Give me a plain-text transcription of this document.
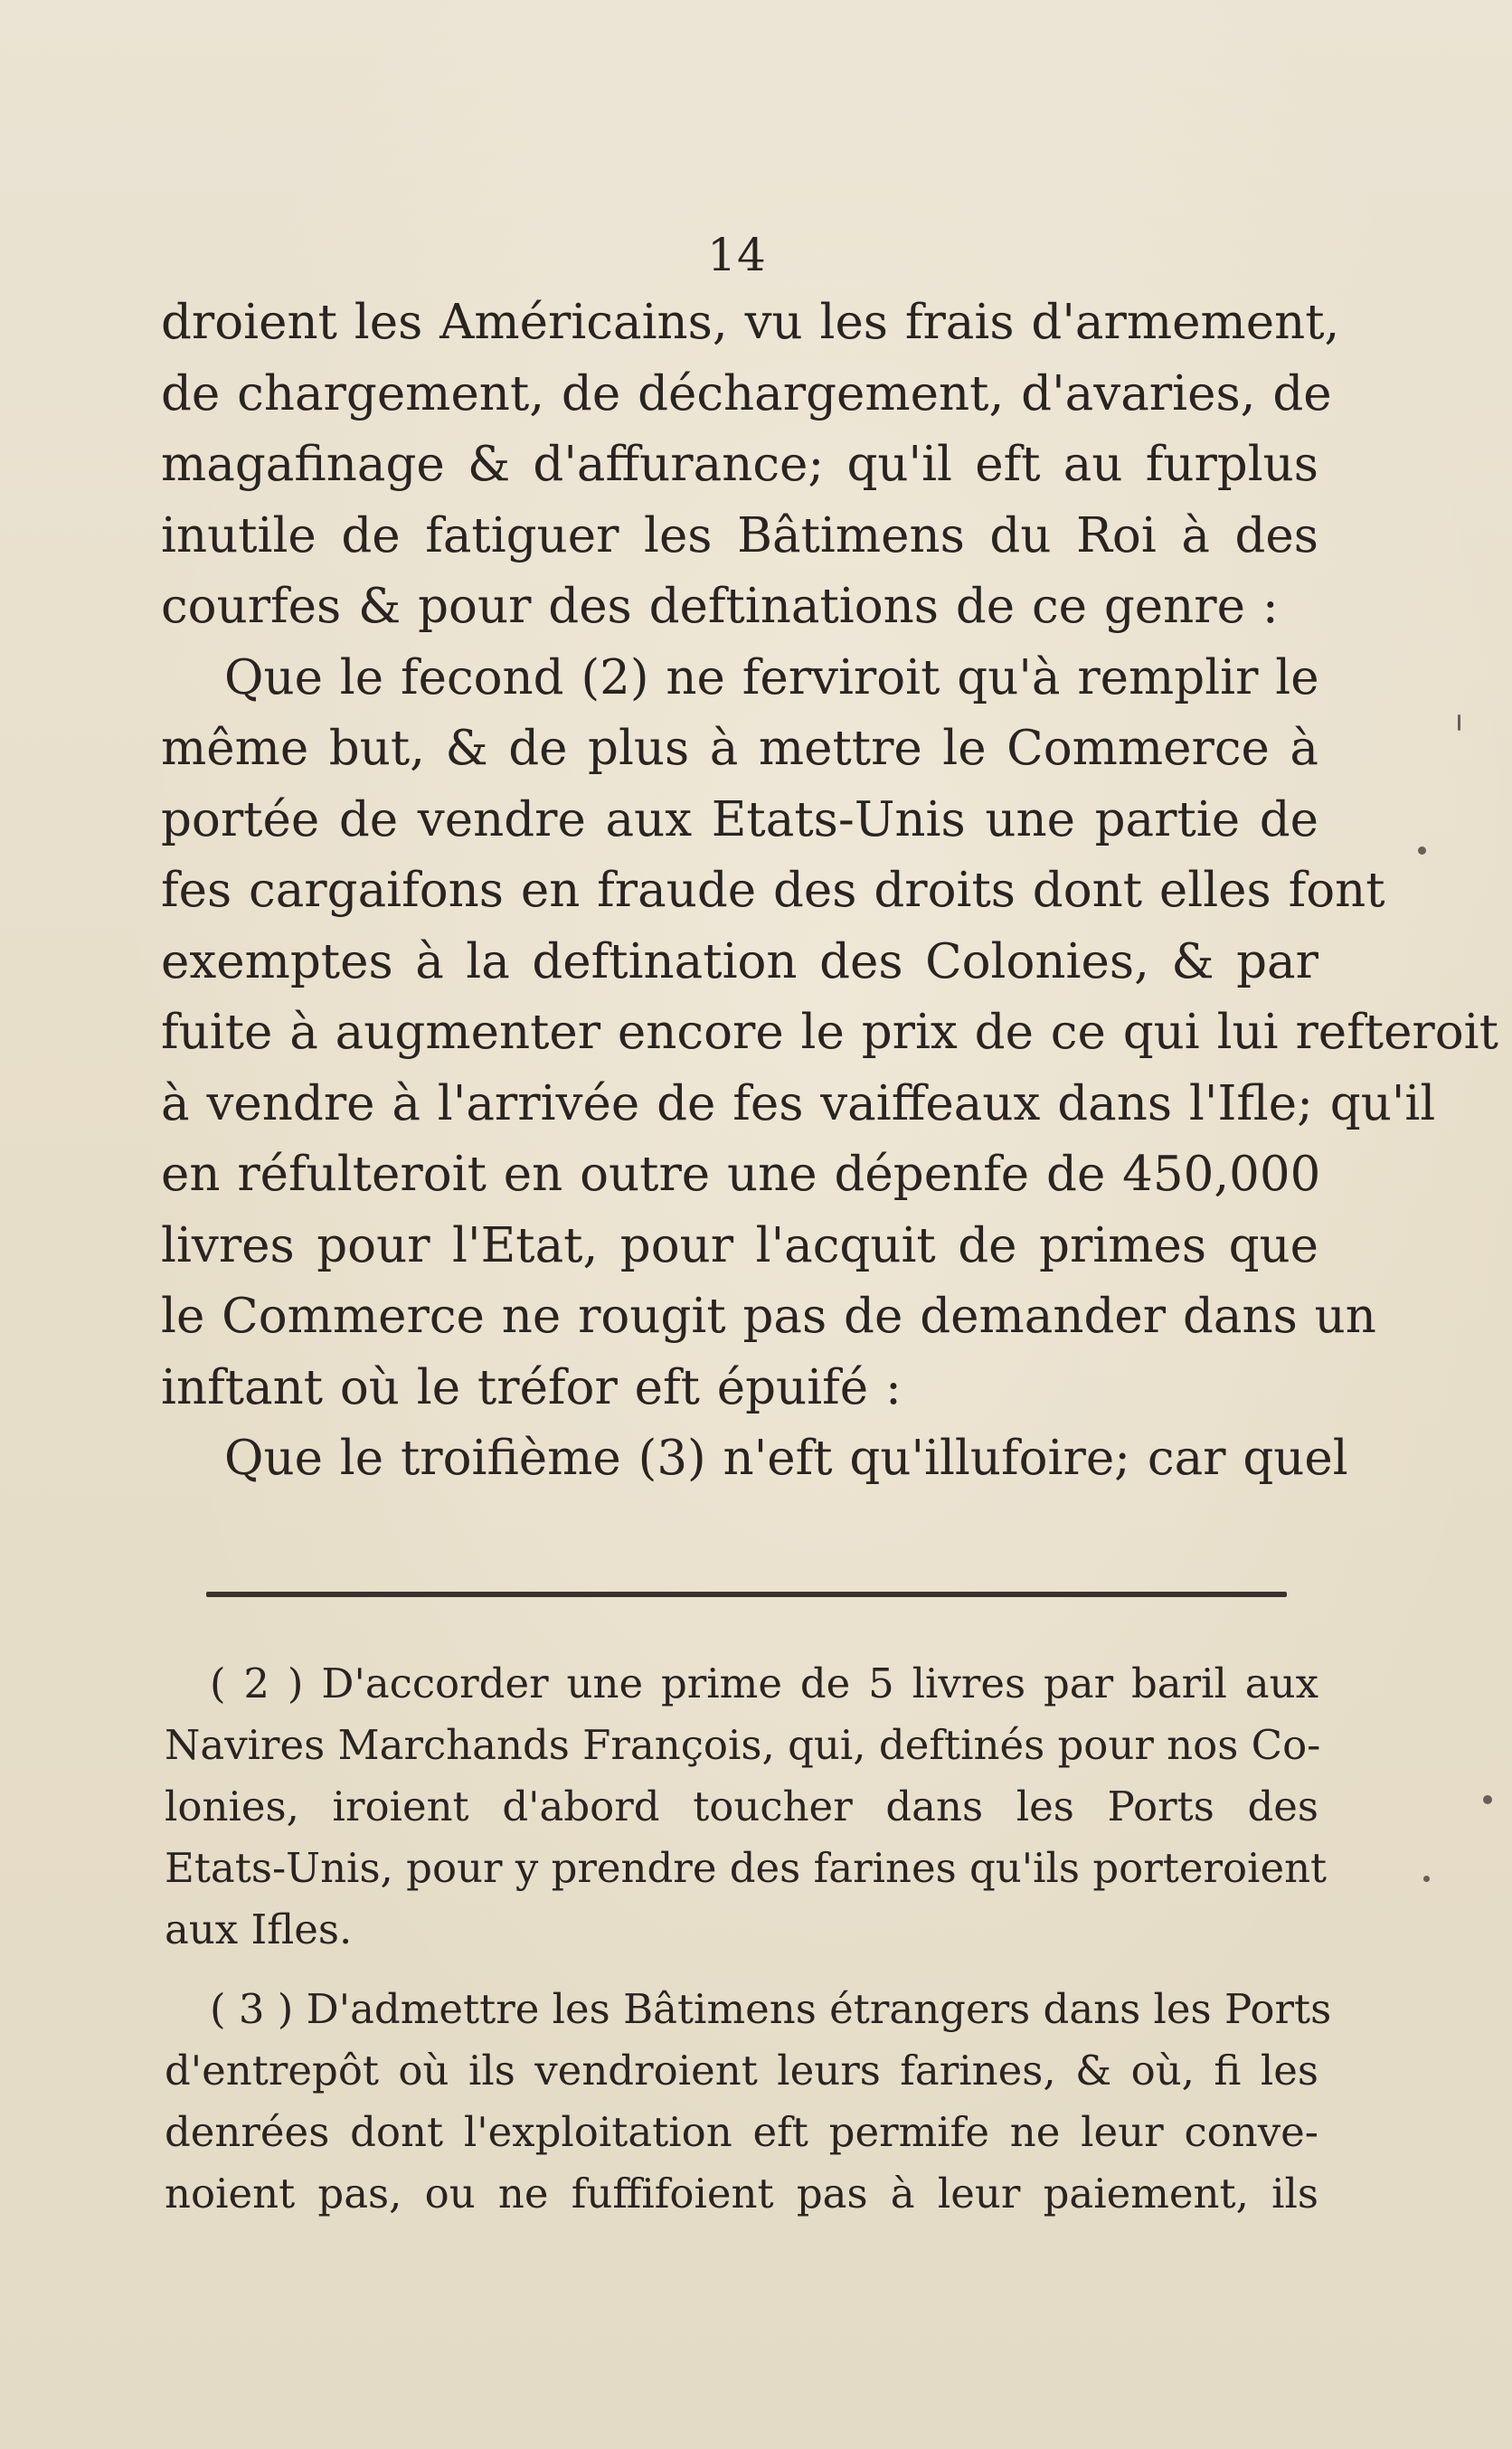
14
droient les Américains, vu les frais d'armement,
de chargement, de déchargement, d'avaries, de
magafinage & d'affurance; qu'il eft au furplus
inutile de fatiguer les Bâtimens du Roi à des
courfes & pour des deftinations de ce genre :
Que le fecond (2) ne ferviroit qu'à remplir le
même but, & de plus à mettre le Commerce à
portée de vendre aux Etats-Unis une partie de
fes cargaifons en fraude des droits dont elles font
exemptes à la deftination des Colonies, & par
fuite à augmenter encore le prix de ce qui lui refteroit
à vendre à l'arrivée de fes vaiffeaux dans l'Ifle; qu'il
en réfulteroit en outre une dépenfe de 450,000
livres pour l'Etat, pour l'acquit de primes que
le Commerce ne rougit pas de demander dans un
inftant où le tréfor eft épuifé :
Que le troifième (3) n'eft qu'illufoire; car quel
( 2 ) D'accorder une prime de 5 livres par baril aux
Navires Marchands François, qui, deftinés pour nos Co-
lonies, iroient d'abord toucher dans les Ports des
Etats-Unis, pour y prendre des farines qu'ils porteroient
aux Ifles.
( 3 ) D'admettre les Bâtimens étrangers dans les Ports
d'entrepôt où ils vendroient leurs farines, & où, fi les
denrées dont l'exploitation eft permife ne leur conve-
noient pas, ou ne fuffifoient pas à leur paiement, ils
